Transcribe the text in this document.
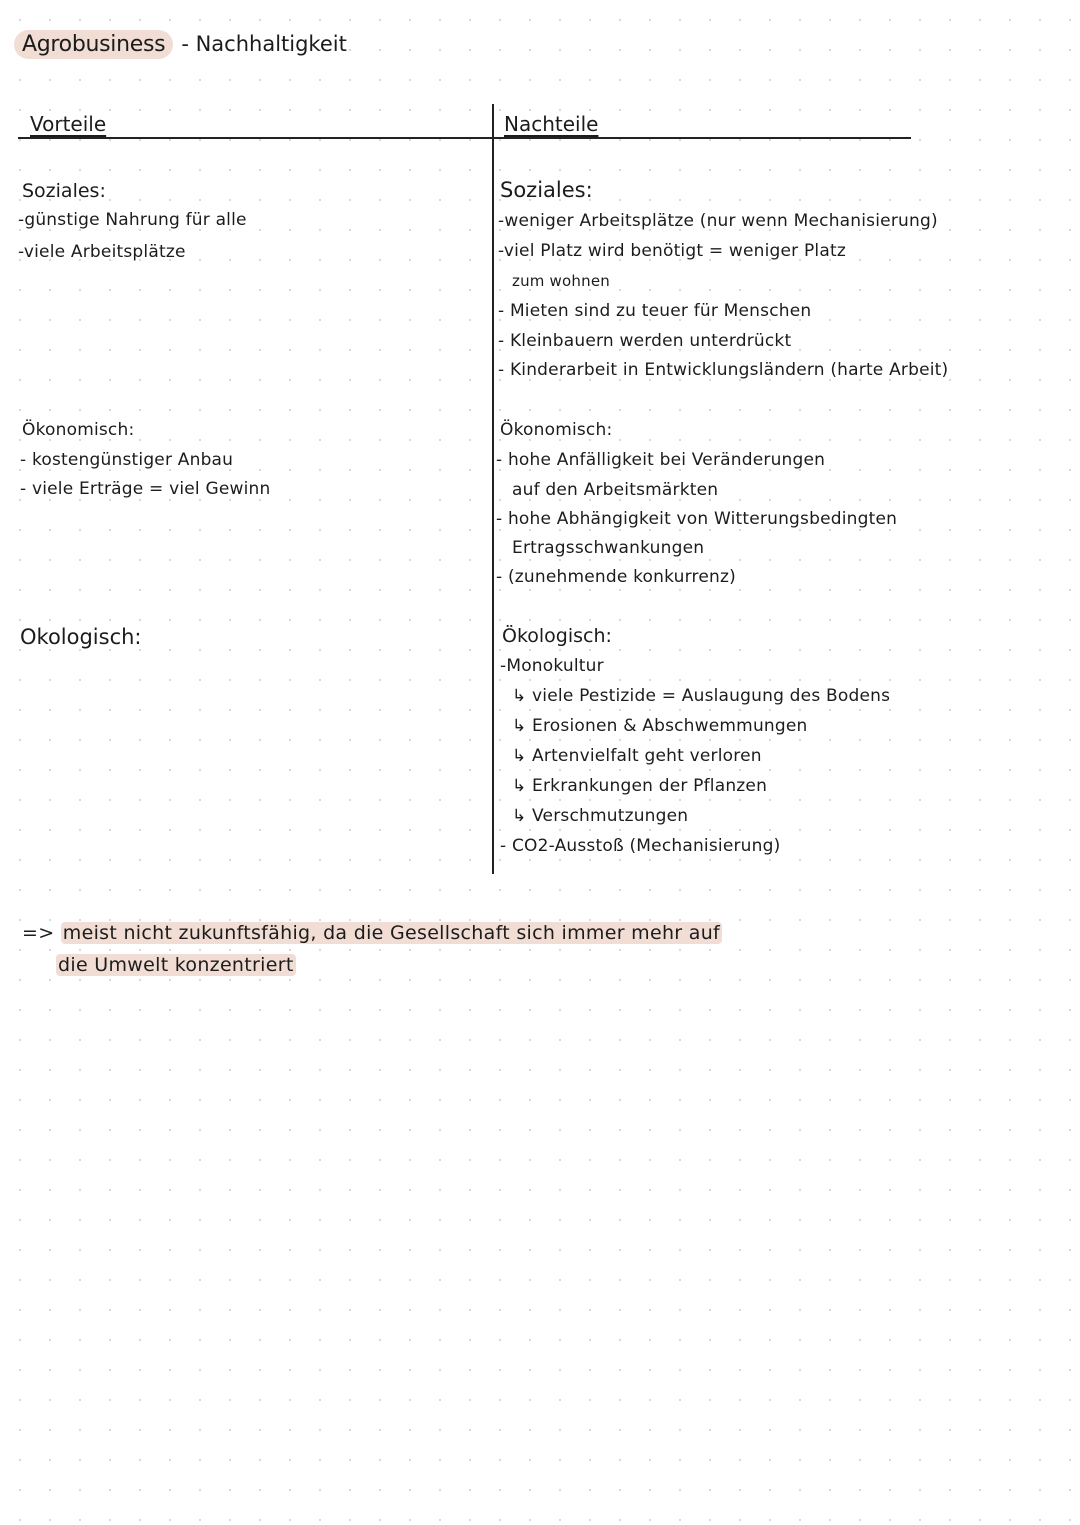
Agrobusiness - Nachhaltigkeit
Vorteile	Nachteile
Soziales:
-günstige Nahrung für alle
-viele Arbeitsplätze
Ökonomisch:
- kostengünstiger Anbau
- viele Erträge = viel Gewinn
Okologisch:
Soziales:
-weniger Arbeitsplätze (nur wenn Mechanisierung)
-viel Platz wird benötigt = weniger Platz
zum wohnen
- Mieten sind zu teuer für Menschen
- Kleinbauern werden unterdrückt
- Kinderarbeit in Entwicklungsländern (harte Arbeit)
Ökonomisch:
- hohe Anfälligkeit bei Veränderungen
auf den Arbeitsmärkten
- hohe Abhängigkeit von Witterungsbedingten
Ertragsschwankungen
- (zunehmende konkurrenz)
Ökologisch:
-Monokultur
↳ viele Pestizide = Auslaugung des Bodens
↳ Erosionen & Abschwemmungen
↳ Artenvielfalt geht verloren
↳ Erkrankungen der Pflanzen
↳ Verschmutzungen
- CO2-Ausstoß (Mechanisierung)
=> meist nicht zukunftsfähig, da die Gesellschaft sich immer mehr auf
die Umwelt konzentriert
